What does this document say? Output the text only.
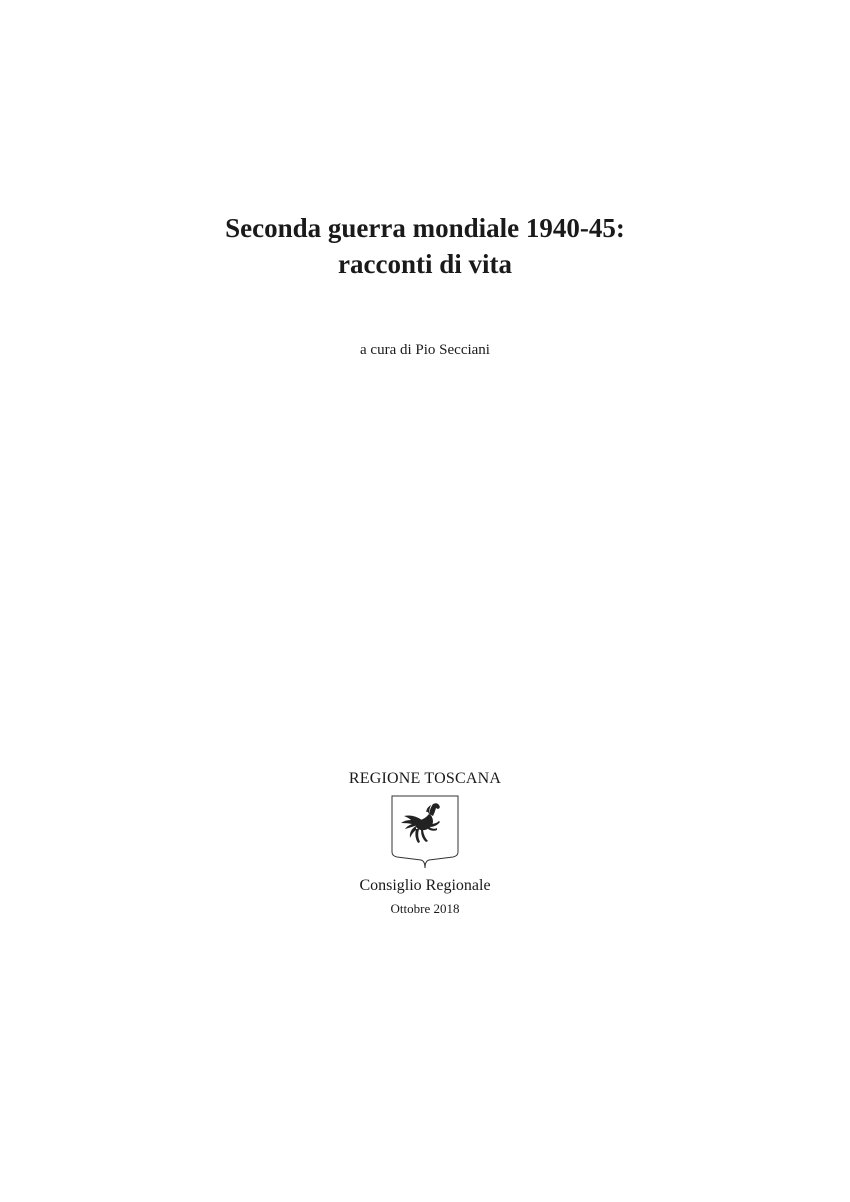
Seconda guerra mondiale 1940-45:

racconti di vita

a cura di Pio Secciani
REGIONE TOSCANA
Consiglio Regionale
Ottobre 2018
